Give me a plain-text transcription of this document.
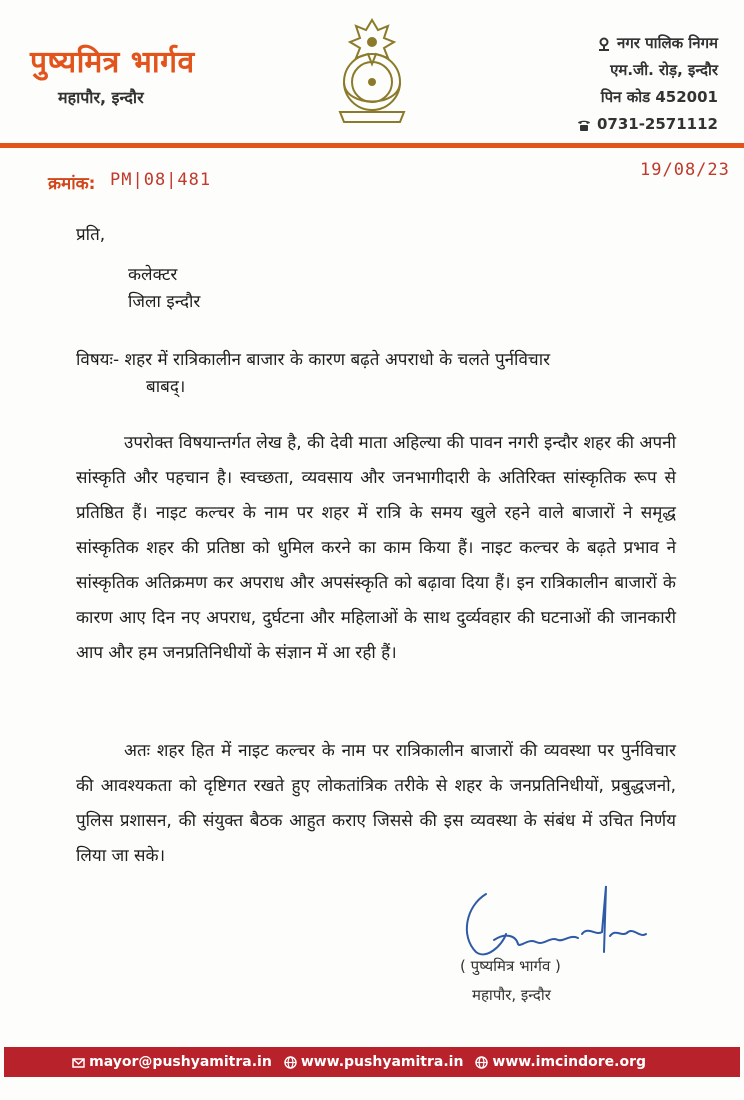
पुष्यमित्र भार्गव
महापौर, इन्दौर
नगर पालिक निगम
एम.जी. रोड़, इन्दौर
पिन कोड 452001
0731-2571112
क्रमांक: PM|08|481	19/08/23
प्रति,
कलेक्टर
जिला इन्दौर
विषयः- शहर में रात्रिकालीन बाजार के कारण बढ़ते अपराधो के चलते पुर्नविचार
बाबद्।
उपरोक्त विषयान्तर्गत लेख है, की देवी माता अहिल्या की पावन नगरी इन्दौर शहर की अपनी सांस्कृति और पहचान है। स्वच्छता, व्यवसाय और जनभागीदारी के अतिरिक्त सांस्कृतिक रूप से प्रतिष्ठित हैं। नाइट कल्चर के नाम पर शहर में रात्रि के समय खुले रहने वाले बाजारों ने समृद्ध सांस्कृतिक शहर की प्रतिष्ठा को धुमिल करने का काम किया हैं। नाइट कल्चर के बढ़ते प्रभाव ने सांस्कृतिक अतिक्रमण कर अपराध और अपसंस्कृति को बढ़ावा दिया हैं। इन रात्रिकालीन बाजारों के कारण आए दिन नए अपराध, दुर्घटना और महिलाओं के साथ दुर्व्यवहार की घटनाओं की जानकारी आप और हम जनप्रतिनिधीयों के संज्ञान में आ रही हैं।
अतः शहर हित में नाइट कल्चर के नाम पर रात्रिकालीन बाजारों की व्यवस्था पर पुर्नविचार की आवश्यकता को दृष्टिगत रखते हुए लोकतांत्रिक तरीके से शहर के जनप्रतिनिधीयों, प्रबुद्धजनो, पुलिस प्रशासन, की संयुक्त बैठक आहुत कराए जिससे की इस व्यवस्था के संबंध में उचित निर्णय लिया जा सके।
( पुष्यमित्र भार्गव )
महापौर, इन्दौर
mayor@pushyamitra.in www.pushyamitra.in www.imcindore.org
